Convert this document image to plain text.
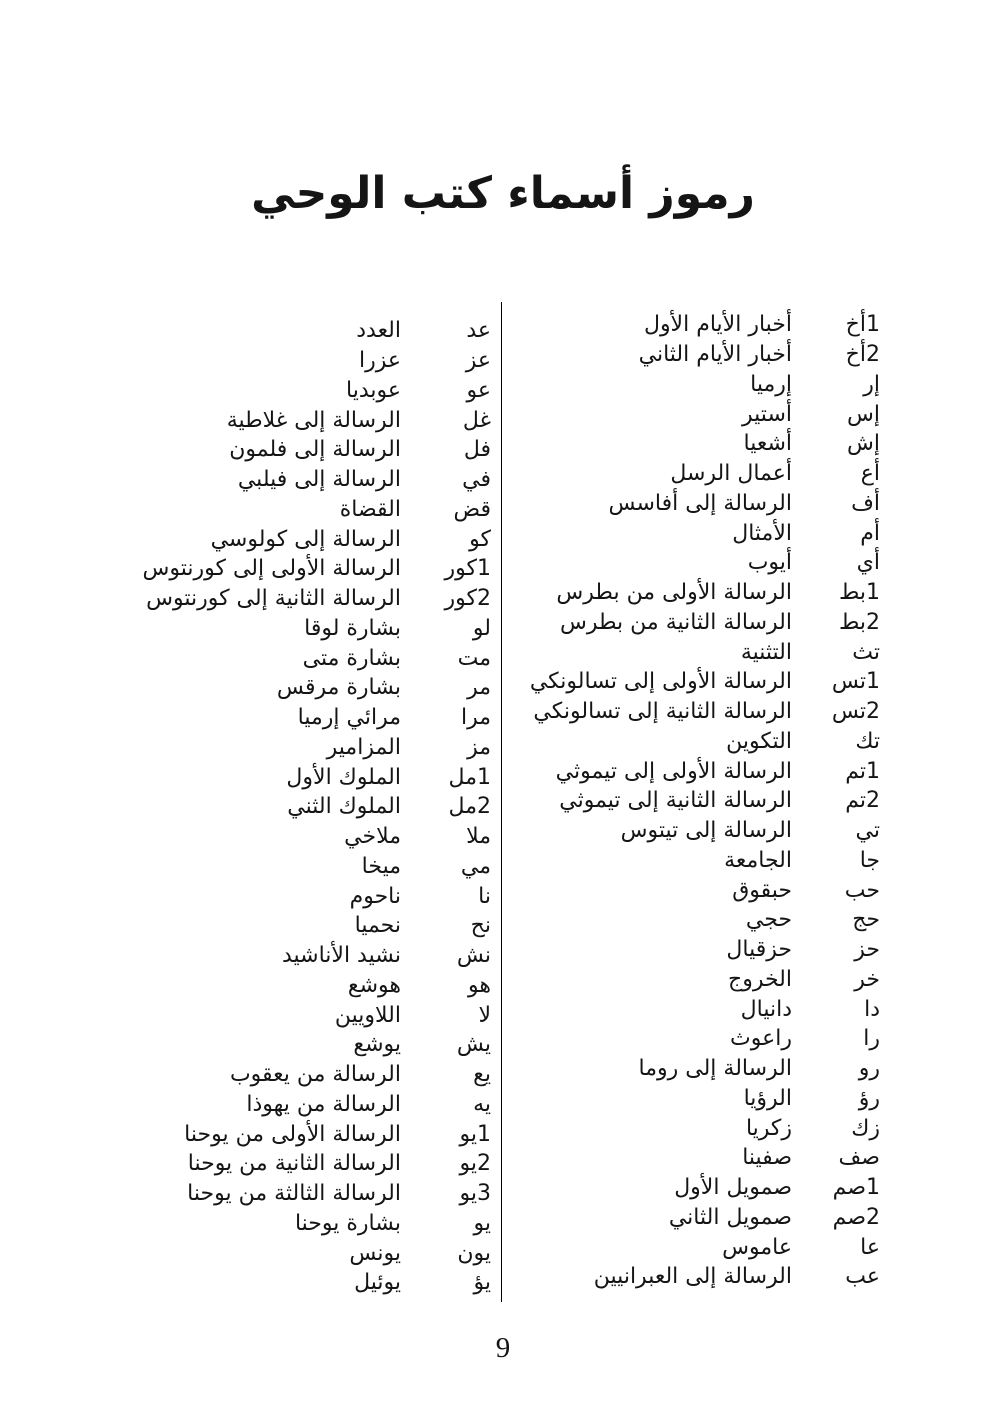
رموز أسماء كتب الوحي
1أخ
أخبار الأيام الأول
2أخ
أخبار الأيام الثاني
إر
إرميا
إس
أستير
إش
أشعيا
أع
أعمال الرسل
أف
الرسالة إلى أفاسس
أم
الأمثال
أي
أيوب
1بط
الرسالة الأولى من بطرس
2بط
الرسالة الثانية من بطرس
تث
التثنية
1تس
الرسالة الأولى إلى تسالونكي
2تس
الرسالة الثانية إلى تسالونكي
تك
التكوين
1تم
الرسالة الأولى إلى تيموثي
2تم
الرسالة الثانية إلى تيموثي
تي
الرسالة إلى تيتوس
جا
الجامعة
حب
حبقوق
حج
حجي
حز
حزقيال
خر
الخروج
دا
دانيال
را
راعوث
رو
الرسالة إلى روما
رؤ
الرؤيا
زك
زكريا
صف
صفينا
1صم
صمويل الأول
2صم
صمويل الثاني
عا
عاموس
عب
الرسالة إلى العبرانيين
عد
العدد
عز
عزرا
عو
عوبديا
غل
الرسالة إلى غلاطية
فل
الرسالة إلى فلمون
في
الرسالة إلى فيلبي
قض
القضاة
كو
الرسالة إلى كولوسي
1كور
الرسالة الأولى إلى كورنتوس
2كور
الرسالة الثانية إلى كورنتوس
لو
بشارة لوقا
مت
بشارة متى
مر
بشارة مرقس
مرا
مرائي إرميا
مز
المزامير
1مل
الملوك الأول
2مل
الملوك الثني
ملا
ملاخي
مي
ميخا
نا
ناحوم
نح
نحميا
نش
نشيد الأناشيد
هو
هوشع
لا
اللاويين
يش
يوشع
يع
الرسالة من يعقوب
يه
الرسالة من يهوذا
1يو
الرسالة الأولى من يوحنا
2يو
الرسالة الثانية من يوحنا
3يو
الرسالة الثالثة من يوحنا
يو
بشارة يوحنا
يون
يونس
يؤ
يوئيل
9
